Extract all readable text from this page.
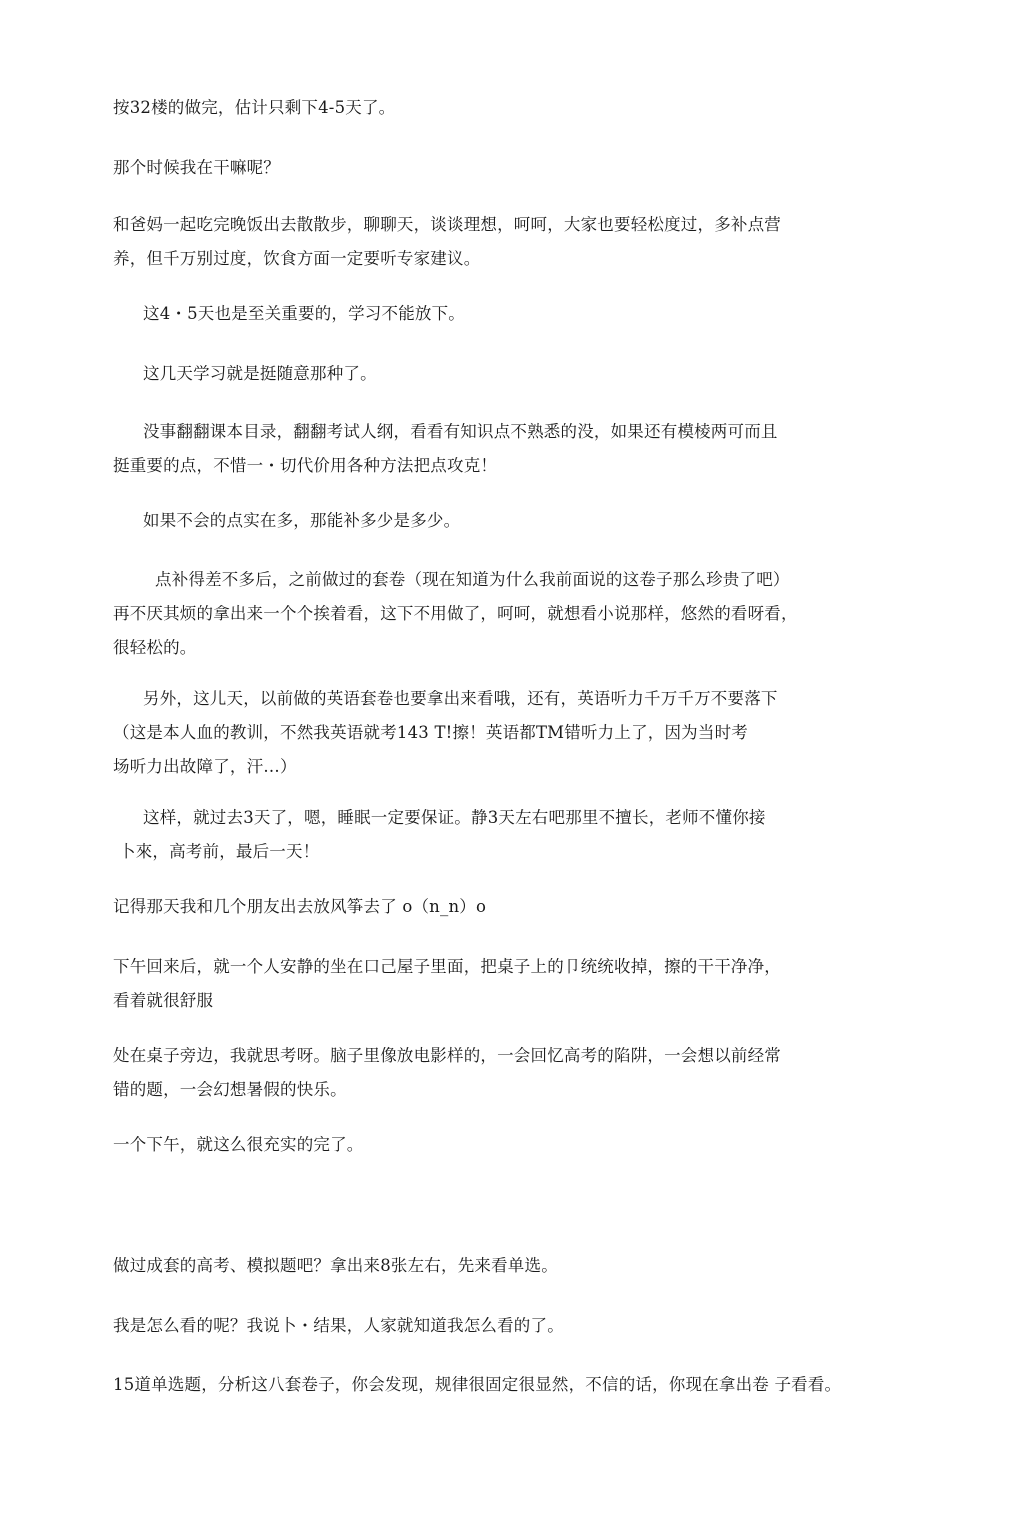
按32楼的做完，估计只剩下4-5天了。

那个时候我在干嘛呢？

和爸妈一起吃完晚饭出去散散步，聊聊天，谈谈理想，呵呵，大家也要轻松度过，多补点营
养，但千万别过度，饮食方面一定要听专家建议。

这4・5天也是至关重要的，学习不能放下。

这几天学习就是挺随意那种了。

没事翻翻课本目录，翻翻考试人纲，看看有知识点不熟悉的没，如果还有模棱两可而且
挺重要的点，不惜一・切代价用各种方法把点攻克！

如果不会的点实在多，那能补多少是多少。

点补得差不多后，之前做过的套卷（现在知道为什么我前面说的这卷子那么珍贵了吧）
再不厌其烦的拿出来一个个挨着看，这下不用做了，呵呵，就想看小说那样，悠然的看呀看，
很轻松的。

另外，这儿天，以前做的英语套卷也要拿出来看哦，还有，英语听力千万千万不要落下
（这是本人血的教训，不然我英语就考143 T!擦！英语都TM错听力上了，因为当时考
场听力出故障了，汗…）

这样，就过去3天了，嗯，睡眠一定要保证。静3天左右吧那里不擅长，老师不懂你接
卜來，高考前，最后一天！

记得那天我和几个朋友出去放风筝去了 o（n_n）o

下午回来后，就一个人安静的坐在口己屋子里面，把桌子上的卩统统收掉，擦的干干净净，
看着就很舒服

处在桌子旁边，我就思考呀。脑子里像放电影样的，一会回忆高考的陷阱，一会想以前经常
错的题，一会幻想暑假的快乐。

一个下午，就这么很充实的完了。

做过成套的高考、模拟题吧？拿出来8张左右，先来看单选。

我是怎么看的呢？我说卜・结果，人家就知道我怎么看的了。

15道单选题，分析这八套卷子，你会发现，规律很固定很显然，不信的话，你现在拿出卷 子看看。
